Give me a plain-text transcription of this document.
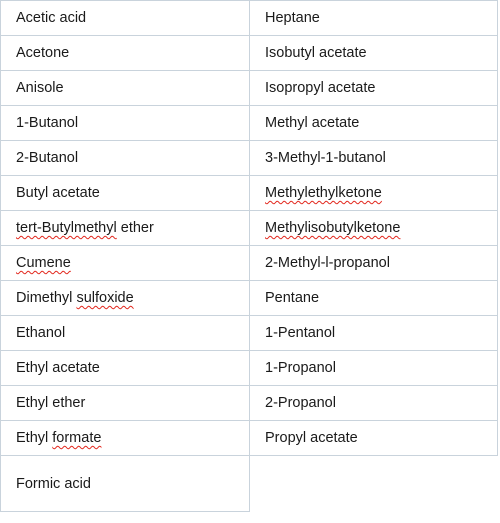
Acetic acid	Heptane
Acetone	Isobutyl acetate
Anisole	Isopropyl acetate
1-Butanol	Methyl acetate
2-Butanol	3-Methyl-1-butanol
Butyl acetate	Methylethylketone
tert-Butylmethyl ether	Methylisobutylketone
Cumene	2-Methyl-l-propanol
Dimethyl sulfoxide	Pentane
Ethanol	1-Pentanol
Ethyl acetate	1-Propanol
Ethyl ether	2-Propanol
Ethyl formate	Propyl acetate
Formic acid	
